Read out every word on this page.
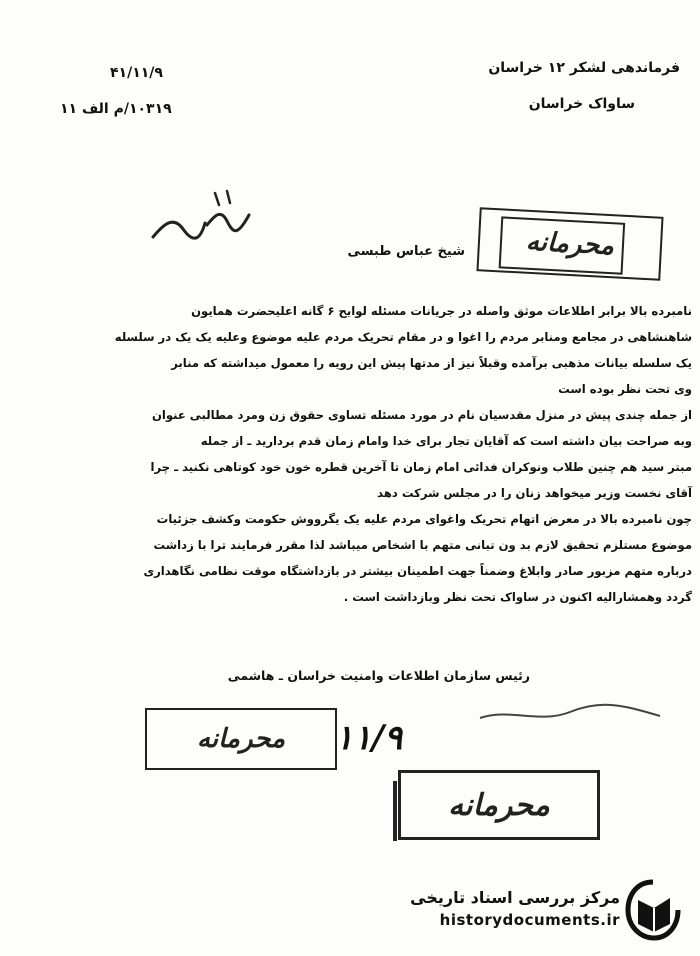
فرماندهی لشکر ۱۲ خراسان
ساواک خراسان
۴۱/۱۱/۹
۱۰۳۱۹/م الف ۱۱
محرمانه
شیخ عباس طبسی

نامبرده بالا برابر اطلاعات موثق واصله در جریانات مسئله لوایح ۶ گانه اعلیحضرت همایون

شاهنشاهی در مجامع ومنابر مردم را اغوا و در مقام تحریک مردم علیه موضوع وعلیه یک یک در سلسله

یک سلسله بیانات مذهبی برآمده وقبلاً نیز از مدتها پیش این رویه را معمول میداشته که منابر

وی تحت نظر بوده است

از جمله چندی پیش در منزل مقدسیان نام در مورد مسئله تساوی حقوق زن ومرد مطالبی عنوان

وبه صراحت بیان داشته است که آقایان تجار برای خدا وامام زمان قدم بردارید ـ از جمله

مبتر سید هم چنین طلاب ونوکران فدائی امام زمان تا آخرین قطره خون خود کوتاهی نکنید ـ چرا

آقای نخست وزیر میخواهد زنان را در مجلس شرکت دهد

چون نامبرده بالا در معرض اتهام تحریک واغوای مردم علیه یک یگرووش حکومت وکشف جزئیات

موضوع مستلزم تحقیق لازم بد ون تبانی متهم با اشخاص میباشد لذا مقرر فرمایند ترا با زداشت

درباره متهم مزبور صادر وابلاغ وضمناً جهت اطمینان بیشتر در بازداشتگاه موقت نظامی نگاهداری

گردد وهمشارالیه اکنون در ساواک تحت نظر وبازداشت است .

رئیس سازمان اطلاعات وامنیت خراسان ـ هاشمی
محرمانه ۱۱/۹
محرمانه
مرکز بررسی اسناد تاریخی
historydocuments.ir
